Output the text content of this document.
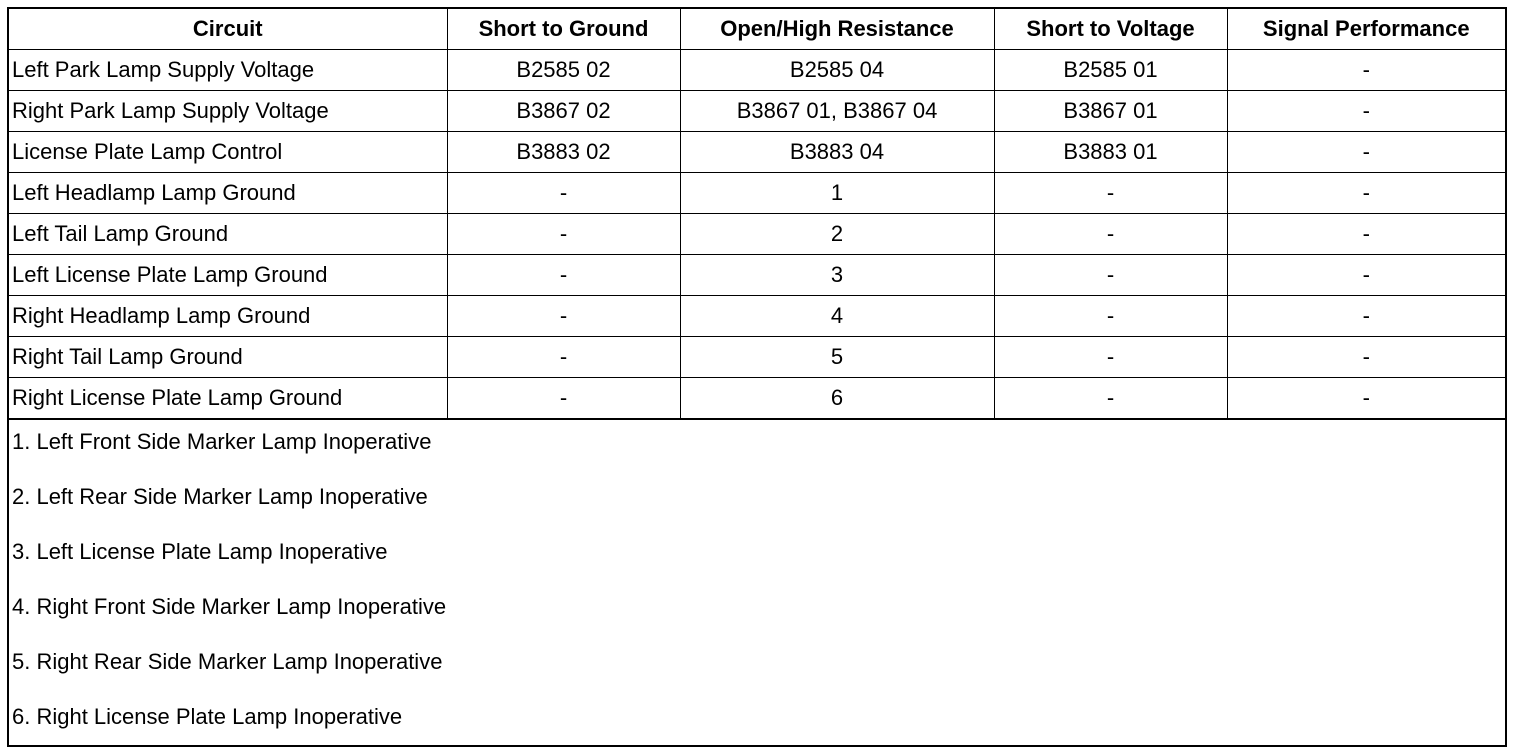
Circuit	Short to Ground	Open/High Resistance	Short to Voltage	Signal Performance
Left Park Lamp Supply Voltage	B2585 02	B2585 04	B2585 01	-
Right Park Lamp Supply Voltage	B3867 02	B3867 01, B3867 04	B3867 01	-
License Plate Lamp Control	B3883 02	B3883 04	B3883 01	-
Left Headlamp Lamp Ground	-	1	-	-
Left Tail Lamp Ground	-	2	-	-
Left License Plate Lamp Ground	-	3	-	-
Right Headlamp Lamp Ground	-	4	-	-
Right Tail Lamp Ground	-	5	-	-
Right License Plate Lamp Ground	-	6	-	-
1. Left Front Side Marker Lamp Inoperative
2. Left Rear Side Marker Lamp Inoperative
3. Left License Plate Lamp Inoperative
4. Right Front Side Marker Lamp Inoperative
5. Right Rear Side Marker Lamp Inoperative
6. Right License Plate Lamp Inoperative
